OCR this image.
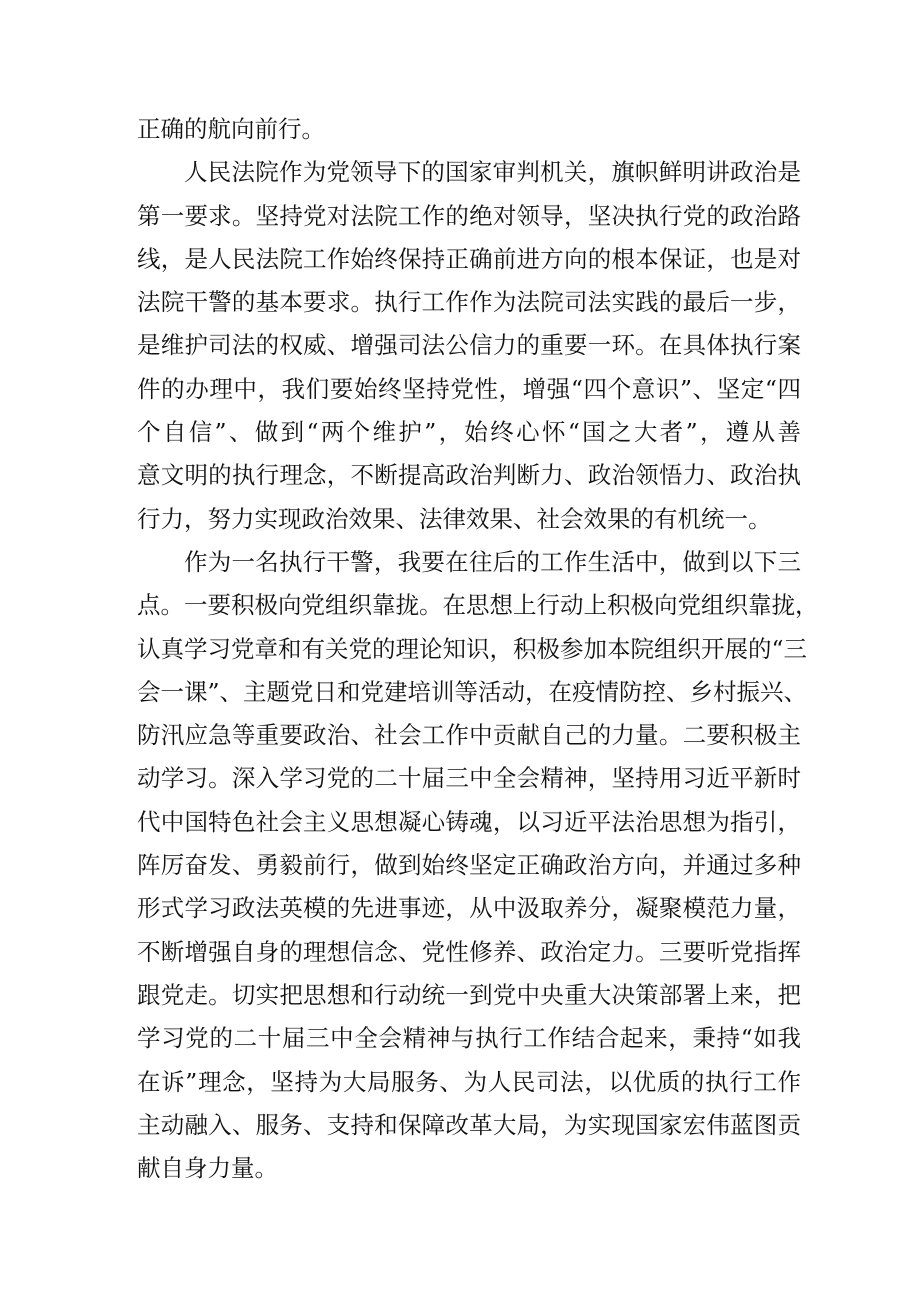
正确的航向前行。
人民法院作为党领导下的国家审判机关，旗帜鲜明讲政治是
第一要求。坚持党对法院工作的绝对领导，坚决执行党的政治路
线，是人民法院工作始终保持正确前进方向的根本保证，也是对
法院干警的基本要求。执行工作作为法院司法实践的最后一步，
是维护司法的权威、增强司法公信力的重要一环。在具体执行案
件的办理中，我们要始终坚持党性，增强“四个意识”、坚定“四
个自信”、做到“两个维护”，始终心怀“国之大者”，遵从善
意文明的执行理念，不断提高政治判断力、政治领悟力、政治执
行力，努力实现政治效果、法律效果、社会效果的有机统一。
作为一名执行干警，我要在往后的工作生活中，做到以下三
点。一要积极向党组织靠拢。在思想上行动上积极向党组织靠拢，
认真学习党章和有关党的理论知识，积极参加本院组织开展的“三
会一课”、主题党日和党建培训等活动，在疫情防控、乡村振兴、
防汛应急等重要政治、社会工作中贡献自己的力量。二要积极主
动学习。深入学习党的二十届三中全会精神，坚持用习近平新时
代中国特色社会主义思想凝心铸魂，以习近平法治思想为指引，
阵厉奋发、勇毅前行，做到始终坚定正确政治方向，并通过多种
形式学习政法英模的先进事迹，从中汲取养分，凝聚模范力量，
不断增强自身的理想信念、党性修养、政治定力。三要听党指挥
跟党走。切实把思想和行动统一到党中央重大决策部署上来，把
学习党的二十届三中全会精神与执行工作结合起来，秉持“如我
在诉”理念，坚持为大局服务、为人民司法，以优质的执行工作
主动融入、服务、支持和保障改革大局，为实现国家宏伟蓝图贡
献自身力量。
